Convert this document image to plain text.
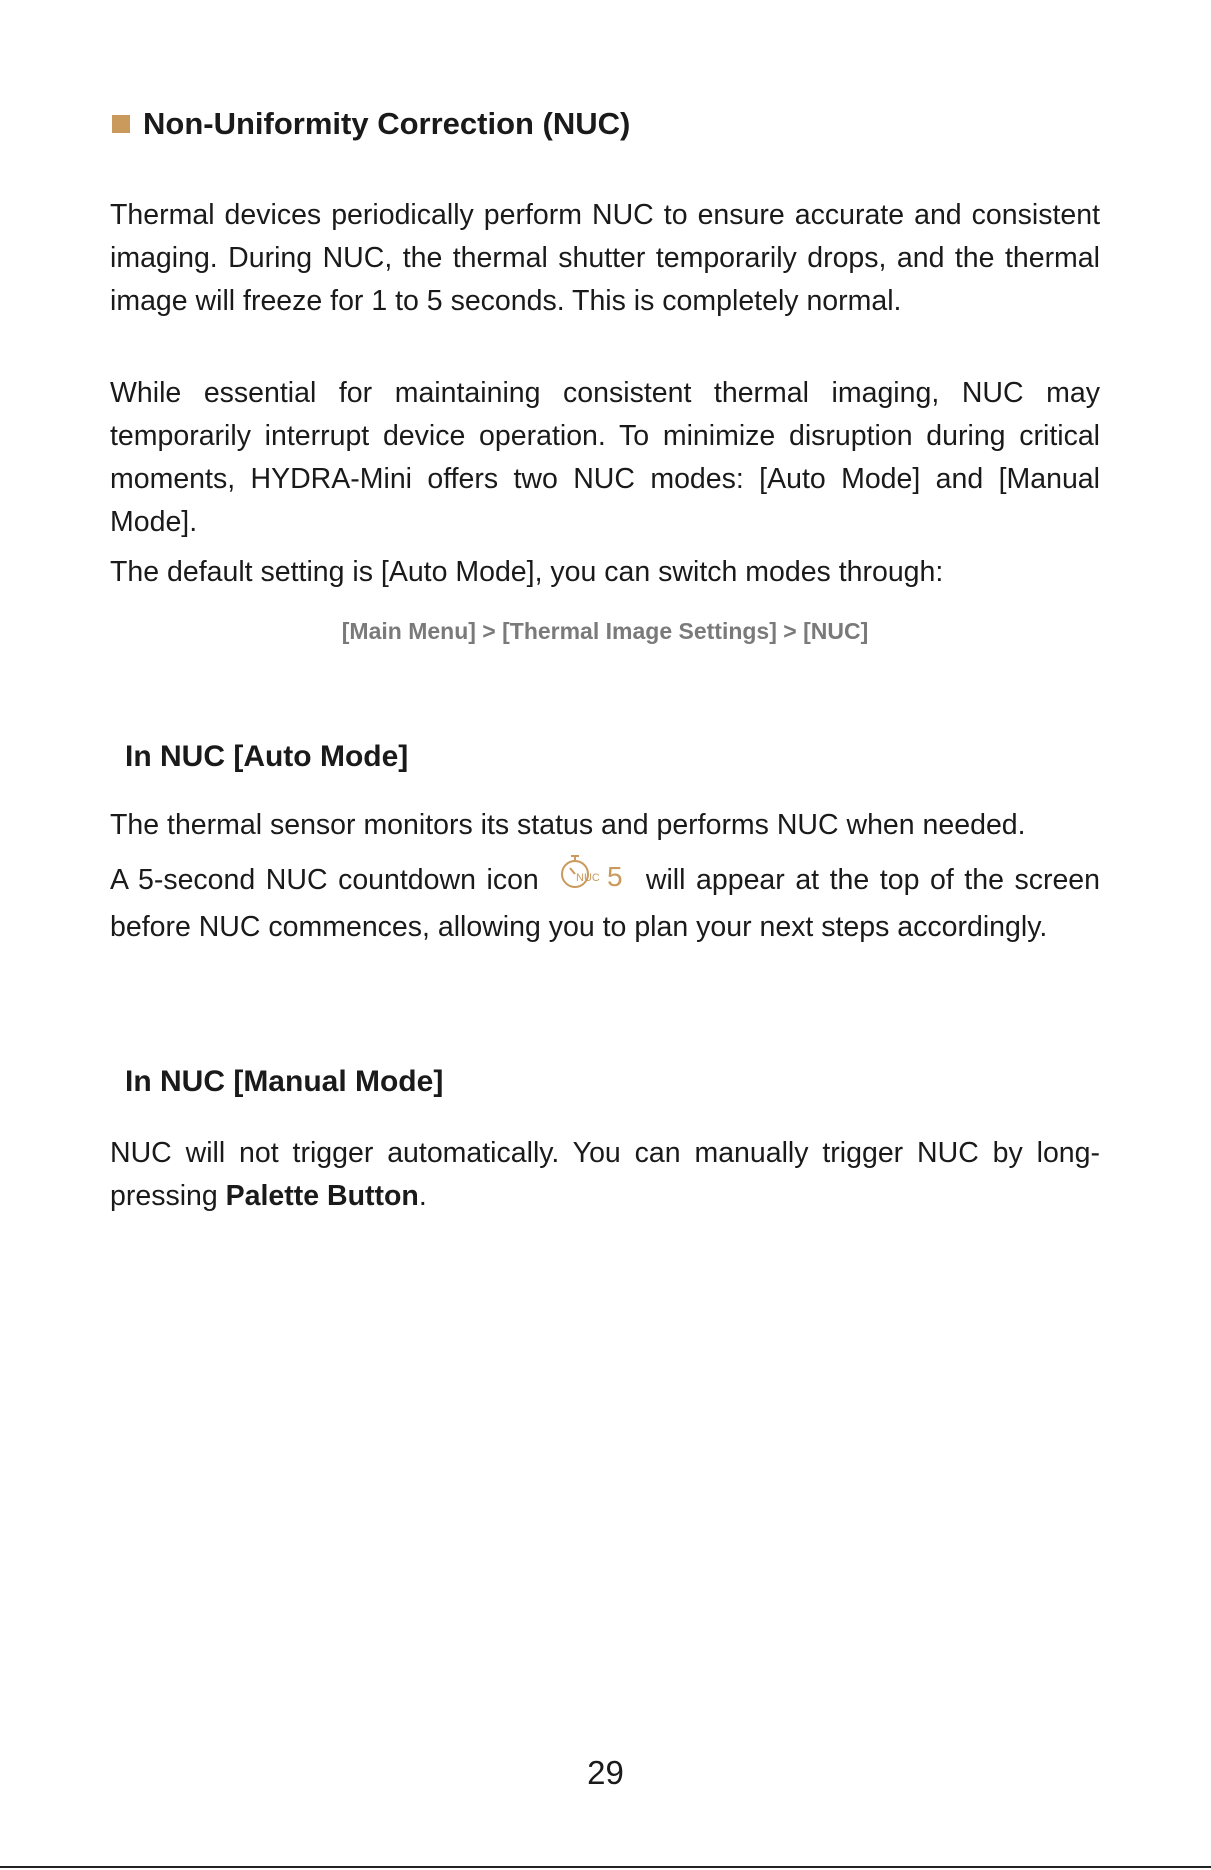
Non-Uniformity Correction (NUC)

Thermal devices periodically perform NUC to ensure accurate and consistent imaging. During NUC, the thermal shutter temporarily drops, and the thermal image will freeze for 1 to 5 seconds. This is completely normal.

While essential for maintaining consistent thermal imaging, NUC may temporarily interrupt device operation. To minimize disruption during critical moments, HYDRA-Mini offers two NUC modes: [Auto Mode] and [Manual Mode].

The default setting is [Auto Mode], you can switch modes through:

[Main Menu] > [Thermal Image Settings] > [NUC]

In NUC [Auto Mode]

The thermal sensor monitors its status and performs NUC when needed.

A 5-second NUC countdown icon	NUC 5 will appear at the top of the screen before NUC commences, allowing you to plan your next steps accordingly.

In NUC [Manual Mode]

NUC will not trigger automatically. You can manually trigger NUC by long-pressing Palette Button.

29
